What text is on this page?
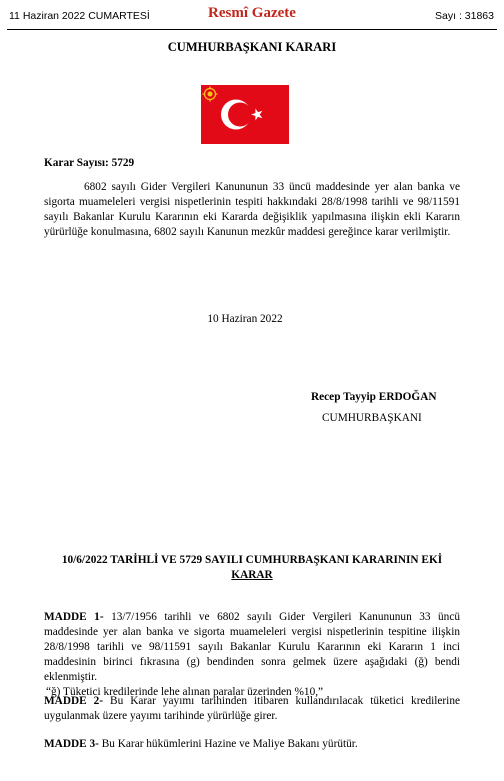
11 Haziran 2022 CUMARTESİ	Resmî Gazete	Sayı : 31863
CUMHURBAŞKANI KARARI
Karar Sayısı: 5729

6802 sayılı Gider Vergileri Kanununun 33 üncü maddesinde yer alan banka ve sigorta muameleleri vergisi nispetlerinin tespiti hakkındaki 28/8/1998 tarihli ve 98/11591 sayılı Bakanlar Kurulu Kararının eki Kararda değişiklik yapılmasına ilişkin ekli Kararın yürürlüğe konulmasına, 6802 sayılı Kanunun mezkûr maddesi gereğince karar verilmiştir.

10 Haziran 2022
Recep Tayyip ERDOĞAN
CUMHURBAŞKANI
10/6/2022 TARİHLİ VE 5729 SAYILI CUMHURBAŞKANI KARARININ EKİ
KARAR

MADDE 1- 13/7/1956 tarihli ve 6802 sayılı Gider Vergileri Kanununun 33 üncü maddesinde yer alan banka ve sigorta muameleleri vergisi nispetlerinin tespitine ilişkin 28/8/1998 tarihli ve 98/11591 sayılı Bakanlar Kurulu Kararının eki Kararın 1 inci maddesinin birinci fıkrasına (g) bendinden sonra gelmek üzere aşağıdaki (ğ) bendi eklenmiştir.

“ğ) Tüketici kredilerinde lehe alınan paralar üzerinden %10,”

MADDE 2- Bu Karar yayımı tarihinden itibaren kullandırılacak tüketici kredilerine uygulanmak üzere yayımı tarihinde yürürlüğe girer.

MADDE 3- Bu Karar hükümlerini Hazine ve Maliye Bakanı yürütür.
